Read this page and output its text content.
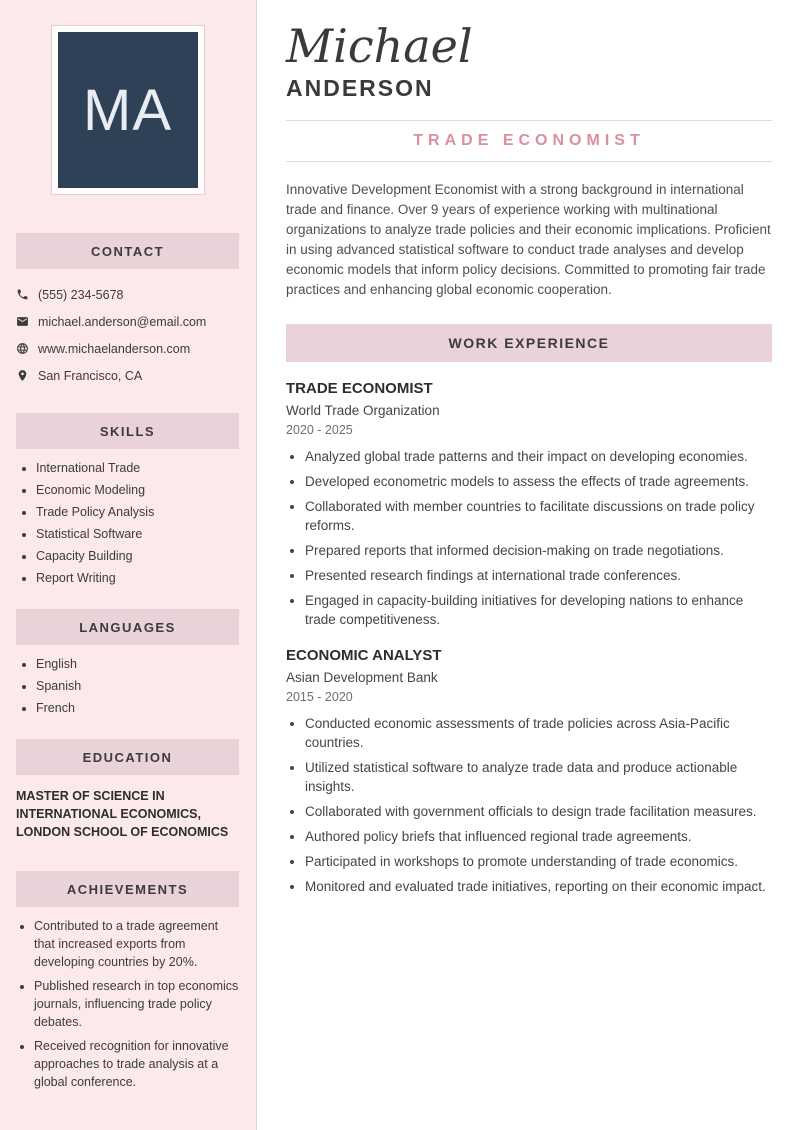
MA
CONTACT
(555) 234-5678
michael.anderson@email.com
www.michaelanderson.com
San Francisco, CA
SKILLS
• International Trade
• Economic Modeling
• Trade Policy Analysis
• Statistical Software
• Capacity Building
• Report Writing
LANGUAGES
• English
• Spanish
• French
EDUCATION
MASTER OF SCIENCE IN INTERNATIONAL ECONOMICS, LONDON SCHOOL OF ECONOMICS
ACHIEVEMENTS
• Contributed to a trade agreement that increased exports from developing countries by 20%.
• Published research in top economics journals, influencing trade policy debates.
• Received recognition for innovative approaches to trade analysis at a global conference.
Michael
ANDERSON
TRADE ECONOMIST

Innovative Development Economist with a strong background in international trade and finance. Over 9 years of experience working with multinational organizations to analyze trade policies and their economic implications. Proficient in using advanced statistical software to conduct trade analyses and develop economic models that inform policy decisions. Committed to promoting fair trade practices and enhancing global economic cooperation.

WORK EXPERIENCE
TRADE ECONOMIST
World Trade Organization
2020 - 2025
• Analyzed global trade patterns and their impact on developing economies.
• Developed econometric models to assess the effects of trade agreements.
• Collaborated with member countries to facilitate discussions on trade policy reforms.
• Prepared reports that informed decision-making on trade negotiations.
• Presented research findings at international trade conferences.
• Engaged in capacity-building initiatives for developing nations to enhance trade competitiveness.
ECONOMIC ANALYST
Asian Development Bank
2015 - 2020
• Conducted economic assessments of trade policies across Asia-Pacific countries.
• Utilized statistical software to analyze trade data and produce actionable insights.
• Collaborated with government officials to design trade facilitation measures.
• Authored policy briefs that influenced regional trade agreements.
• Participated in workshops to promote understanding of trade economics.
• Monitored and evaluated trade initiatives, reporting on their economic impact.
